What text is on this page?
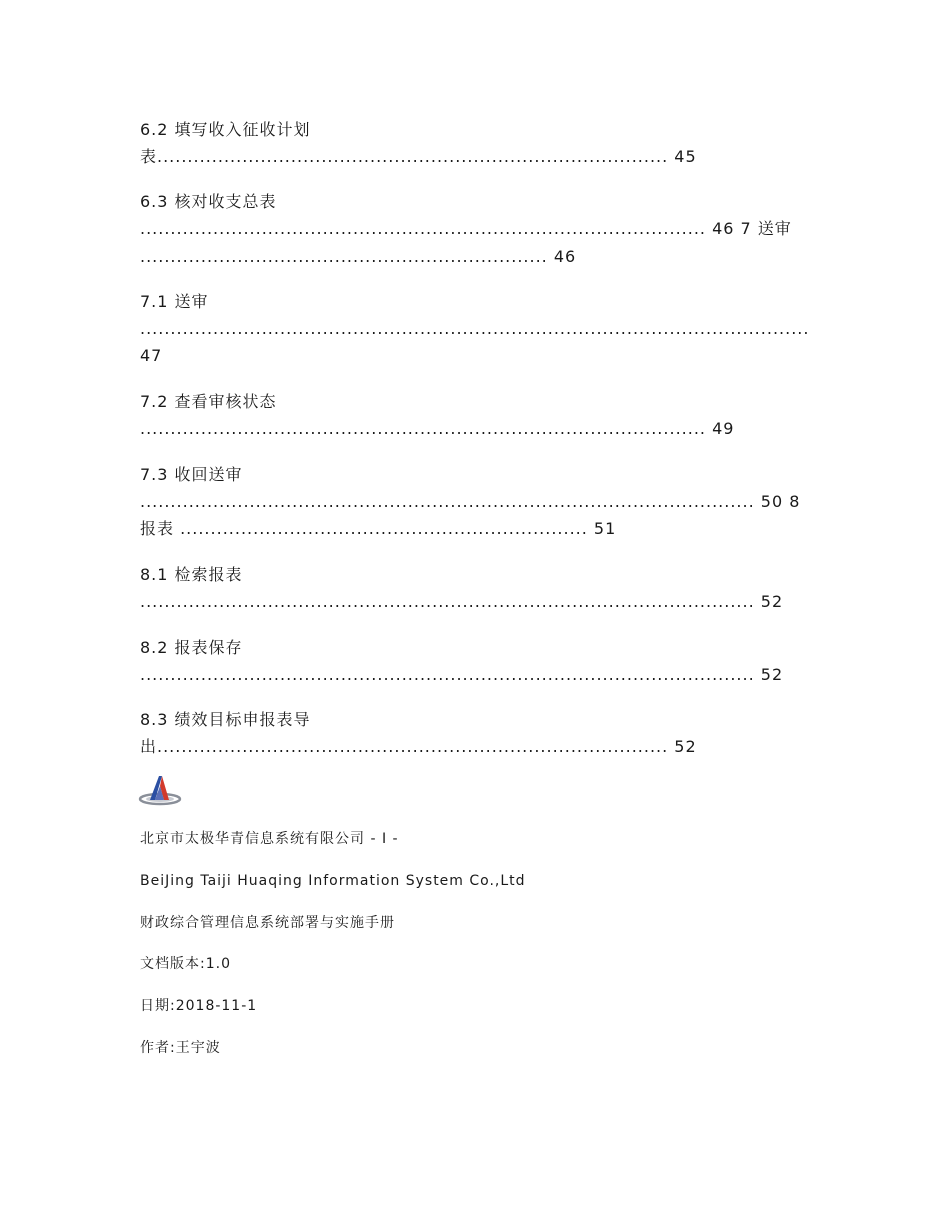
6.2 填写收入征收计划
表.................................................................................... 45
6.3 核对收支总表
............................................................................................. 46 7 送审
................................................................... 46
7.1 送审
..............................................................................................................
47
7.2 查看审核状态
............................................................................................. 49
7.3 收回送审
..................................................................................................... 50 8
报表 ................................................................... 51
8.1 检索报表
..................................................................................................... 52
8.2 报表保存
..................................................................................................... 52
8.3 绩效目标申报表导
出.................................................................................... 52
北京市太极华青信息系统有限公司 - I -
BeiJing Taiji Huaqing Information System Co.,Ltd
财政综合管理信息系统部署与实施手册
文档版本:1.0
日期:2018-11-1
作者:王宇波
